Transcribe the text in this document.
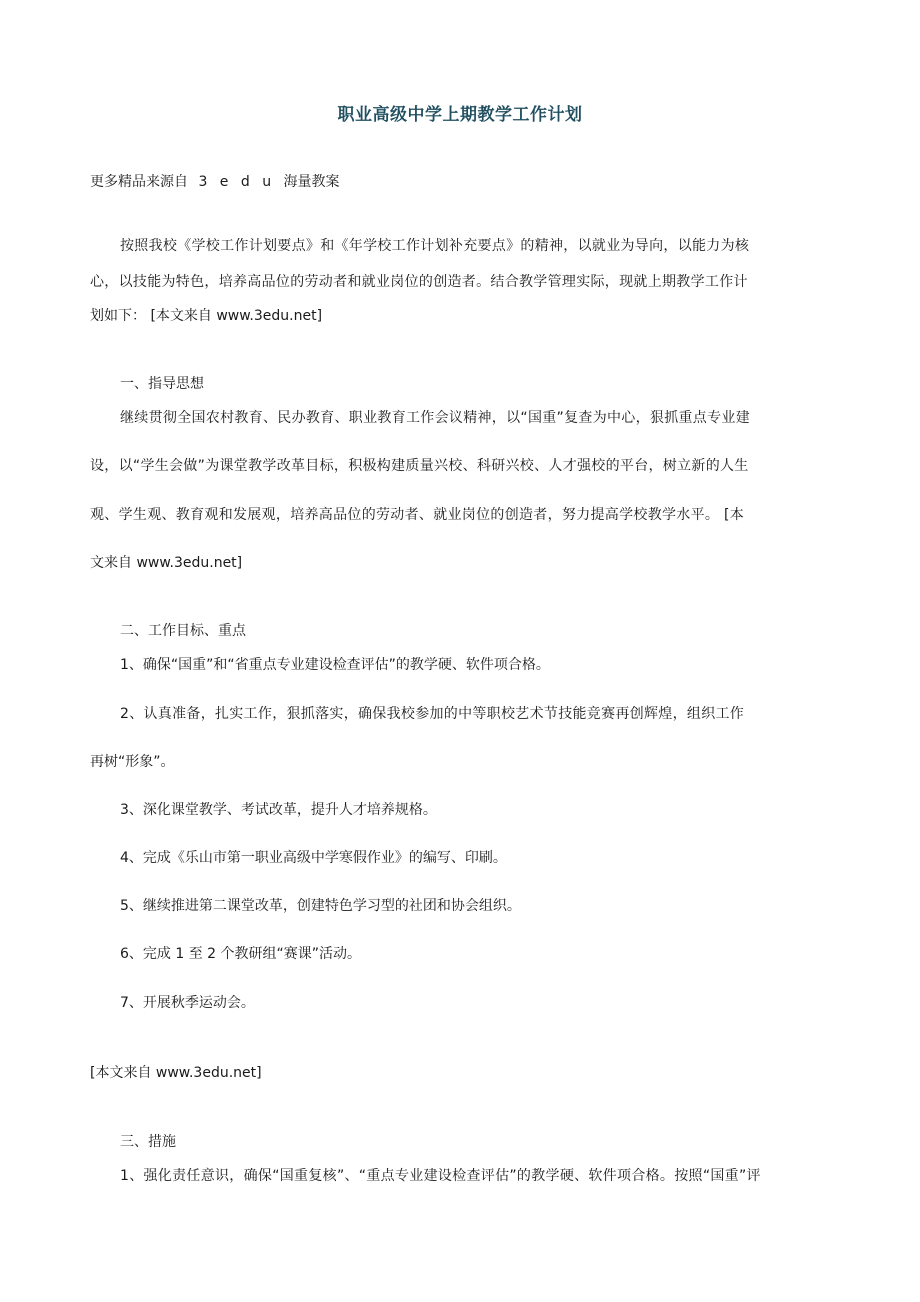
职业高级中学上期教学工作计划
更多精品来源自 3 e d u 海量教案
按照我校《学校工作计划要点》和《年学校工作计划补充要点》的精神，以就业为导向，以能力为核
心，以技能为特色，培养高品位的劳动者和就业岗位的创造者。结合教学管理实际，现就上期教学工作计
划如下： [本文来自 www.3edu.net]
一、指导思想
继续贯彻全国农村教育、民办教育、职业教育工作会议精神，以“国重”复查为中心，狠抓重点专业建
设，以“学生会做”为课堂教学改革目标，积极构建质量兴校、科研兴校、人才强校的平台，树立新的人生
观、学生观、教育观和发展观，培养高品位的劳动者、就业岗位的创造者，努力提高学校教学水平。 [本
文来自 www.3edu.net]
二、工作目标、重点
1、确保“国重”和“省重点专业建设检查评估”的教学硬、软件项合格。
2、认真准备，扎实工作，狠抓落实，确保我校参加的中等职校艺术节技能竞赛再创辉煌，组织工作
再树“形象”。
3、深化课堂教学、考试改革，提升人才培养规格。
4、完成《乐山市第一职业高级中学寒假作业》的编写、印刷。
5、继续推进第二课堂改革，创建特色学习型的社团和协会组织。
6、完成 1 至 2 个教研组“赛课”活动。
7、开展秋季运动会。
[本文来自 www.3edu.net]
三、措施
1、强化责任意识，确保“国重复核”、“重点专业建设检查评估”的教学硬、软件项合格。按照“国重”评
